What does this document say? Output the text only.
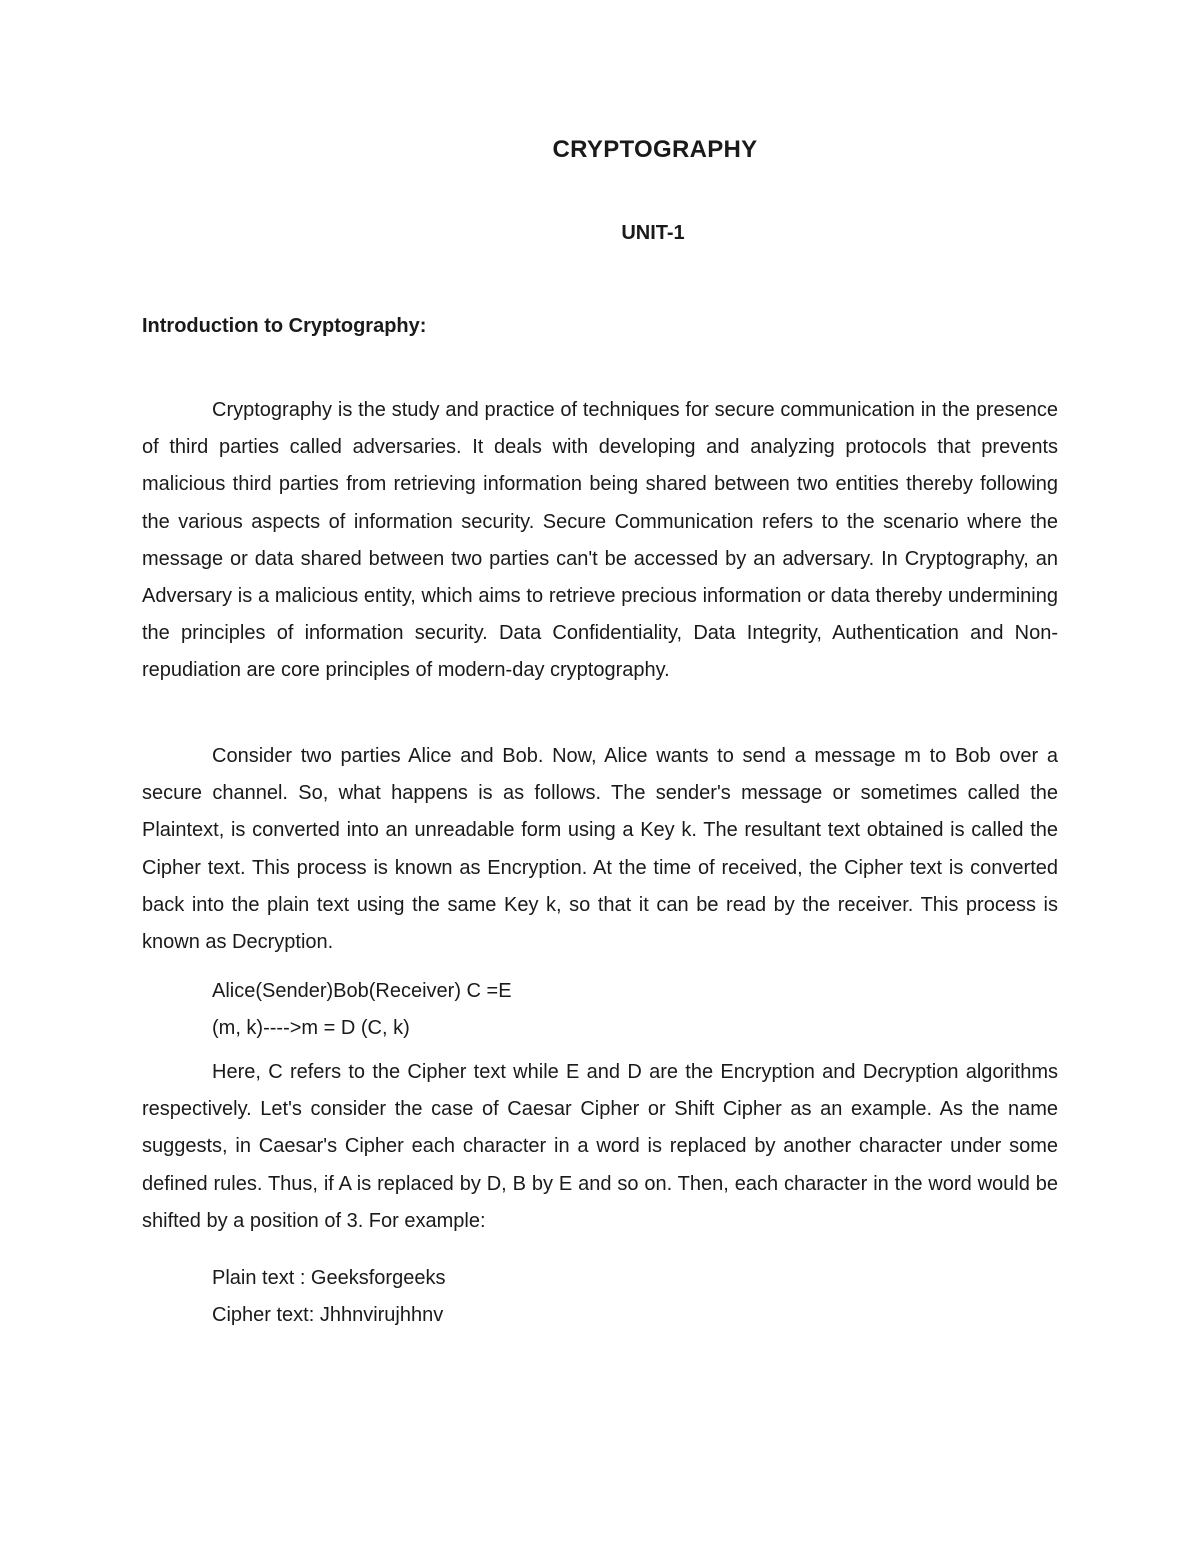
CRYPTOGRAPHY
UNIT-1
Introduction to Cryptography:

Cryptography is the study and practice of techniques for secure communication in the presence of third parties called adversaries. It deals with developing and analyzing protocols that prevents malicious third parties from retrieving information being shared between two entities thereby following the various aspects of information security. Secure Communication refers to the scenario where the message or data shared between two parties can't be accessed by an adversary. In Cryptography, an Adversary is a malicious entity, which aims to retrieve precious information or data thereby undermining the principles of information security. Data Confidentiality, Data Integrity, Authentication and Non-repudiation are core principles of modern-day cryptography.

Consider two parties Alice and Bob. Now, Alice wants to send a message m to Bob over a secure channel. So, what happens is as follows. The sender's message or sometimes called the Plaintext, is converted into an unreadable form using a Key k. The resultant text obtained is called the Cipher text. This process is known as Encryption. At the time of received, the Cipher text is converted back into the plain text using the same Key k, so that it can be read by the receiver. This process is known as Decryption.

Alice(Sender)Bob(Receiver) C =E

(m, k)---->m = D (C, k)

Here, C refers to the Cipher text while E and D are the Encryption and Decryption algorithms respectively. Let's consider the case of Caesar Cipher or Shift Cipher as an example. As the name suggests, in Caesar's Cipher each character in a word is replaced by another character under some defined rules. Thus, if A is replaced by D, B by E and so on. Then, each character in the word would be shifted by a position of 3. For example:

Plain text : Geeksforgeeks

Cipher text: Jhhnvirujhhnv
